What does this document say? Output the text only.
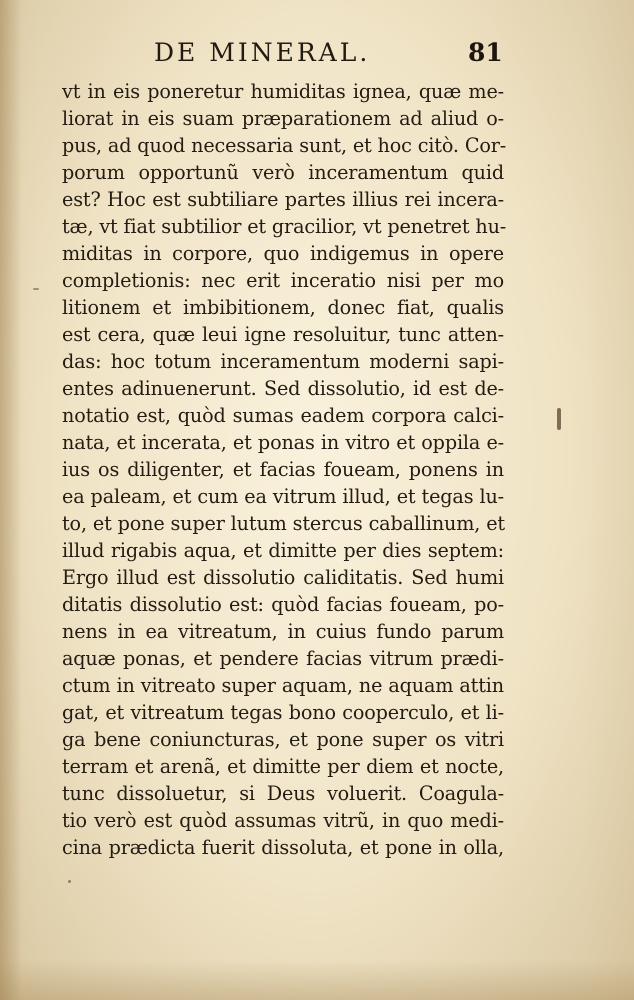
DE MINERAL.	81
vt in eis poneretur humiditas ignea, quæ me-
liorat in eis suam præparationem ad aliud o-
pus, ad quod necessaria sunt, et hoc citò. Cor-
porum opportunũ verò inceramentum quid
est? Hoc est subtiliare partes illius rei incera-
tæ, vt fiat subtilior et gracilior, vt penetret hu-
miditas in corpore, quo indigemus in opere
completionis: nec erit inceratio nisi per mo
litionem et imbibitionem, donec fiat, qualis
est cera, quæ leui igne resoluitur, tunc atten-
das: hoc totum inceramentum moderni sapi-
entes adinuenerunt. Sed dissolutio, id est de-
notatio est, quòd sumas eadem corpora calci-
nata, et incerata, et ponas in vitro et oppila e-
ius os diligenter, et facias foueam, ponens in
ea paleam, et cum ea vitrum illud, et tegas lu-
to, et pone super lutum stercus caballinum, et
illud rigabis aqua, et dimitte per dies septem:
Ergo illud est dissolutio caliditatis. Sed humi
ditatis dissolutio est: quòd facias foueam, po-
nens in ea vitreatum, in cuius fundo parum
aquæ ponas, et pendere facias vitrum prædi-
ctum in vitreato super aquam, ne aquam attin
gat, et vitreatum tegas bono cooperculo, et li-
ga bene coniuncturas, et pone super os vitri
terram et arenã, et dimitte per diem et nocte,
tunc dissoluetur, si Deus voluerit. Coagula-
tio verò est quòd assumas vitrũ, in quo medi-
cina prædicta fuerit dissoluta, et pone in olla,
